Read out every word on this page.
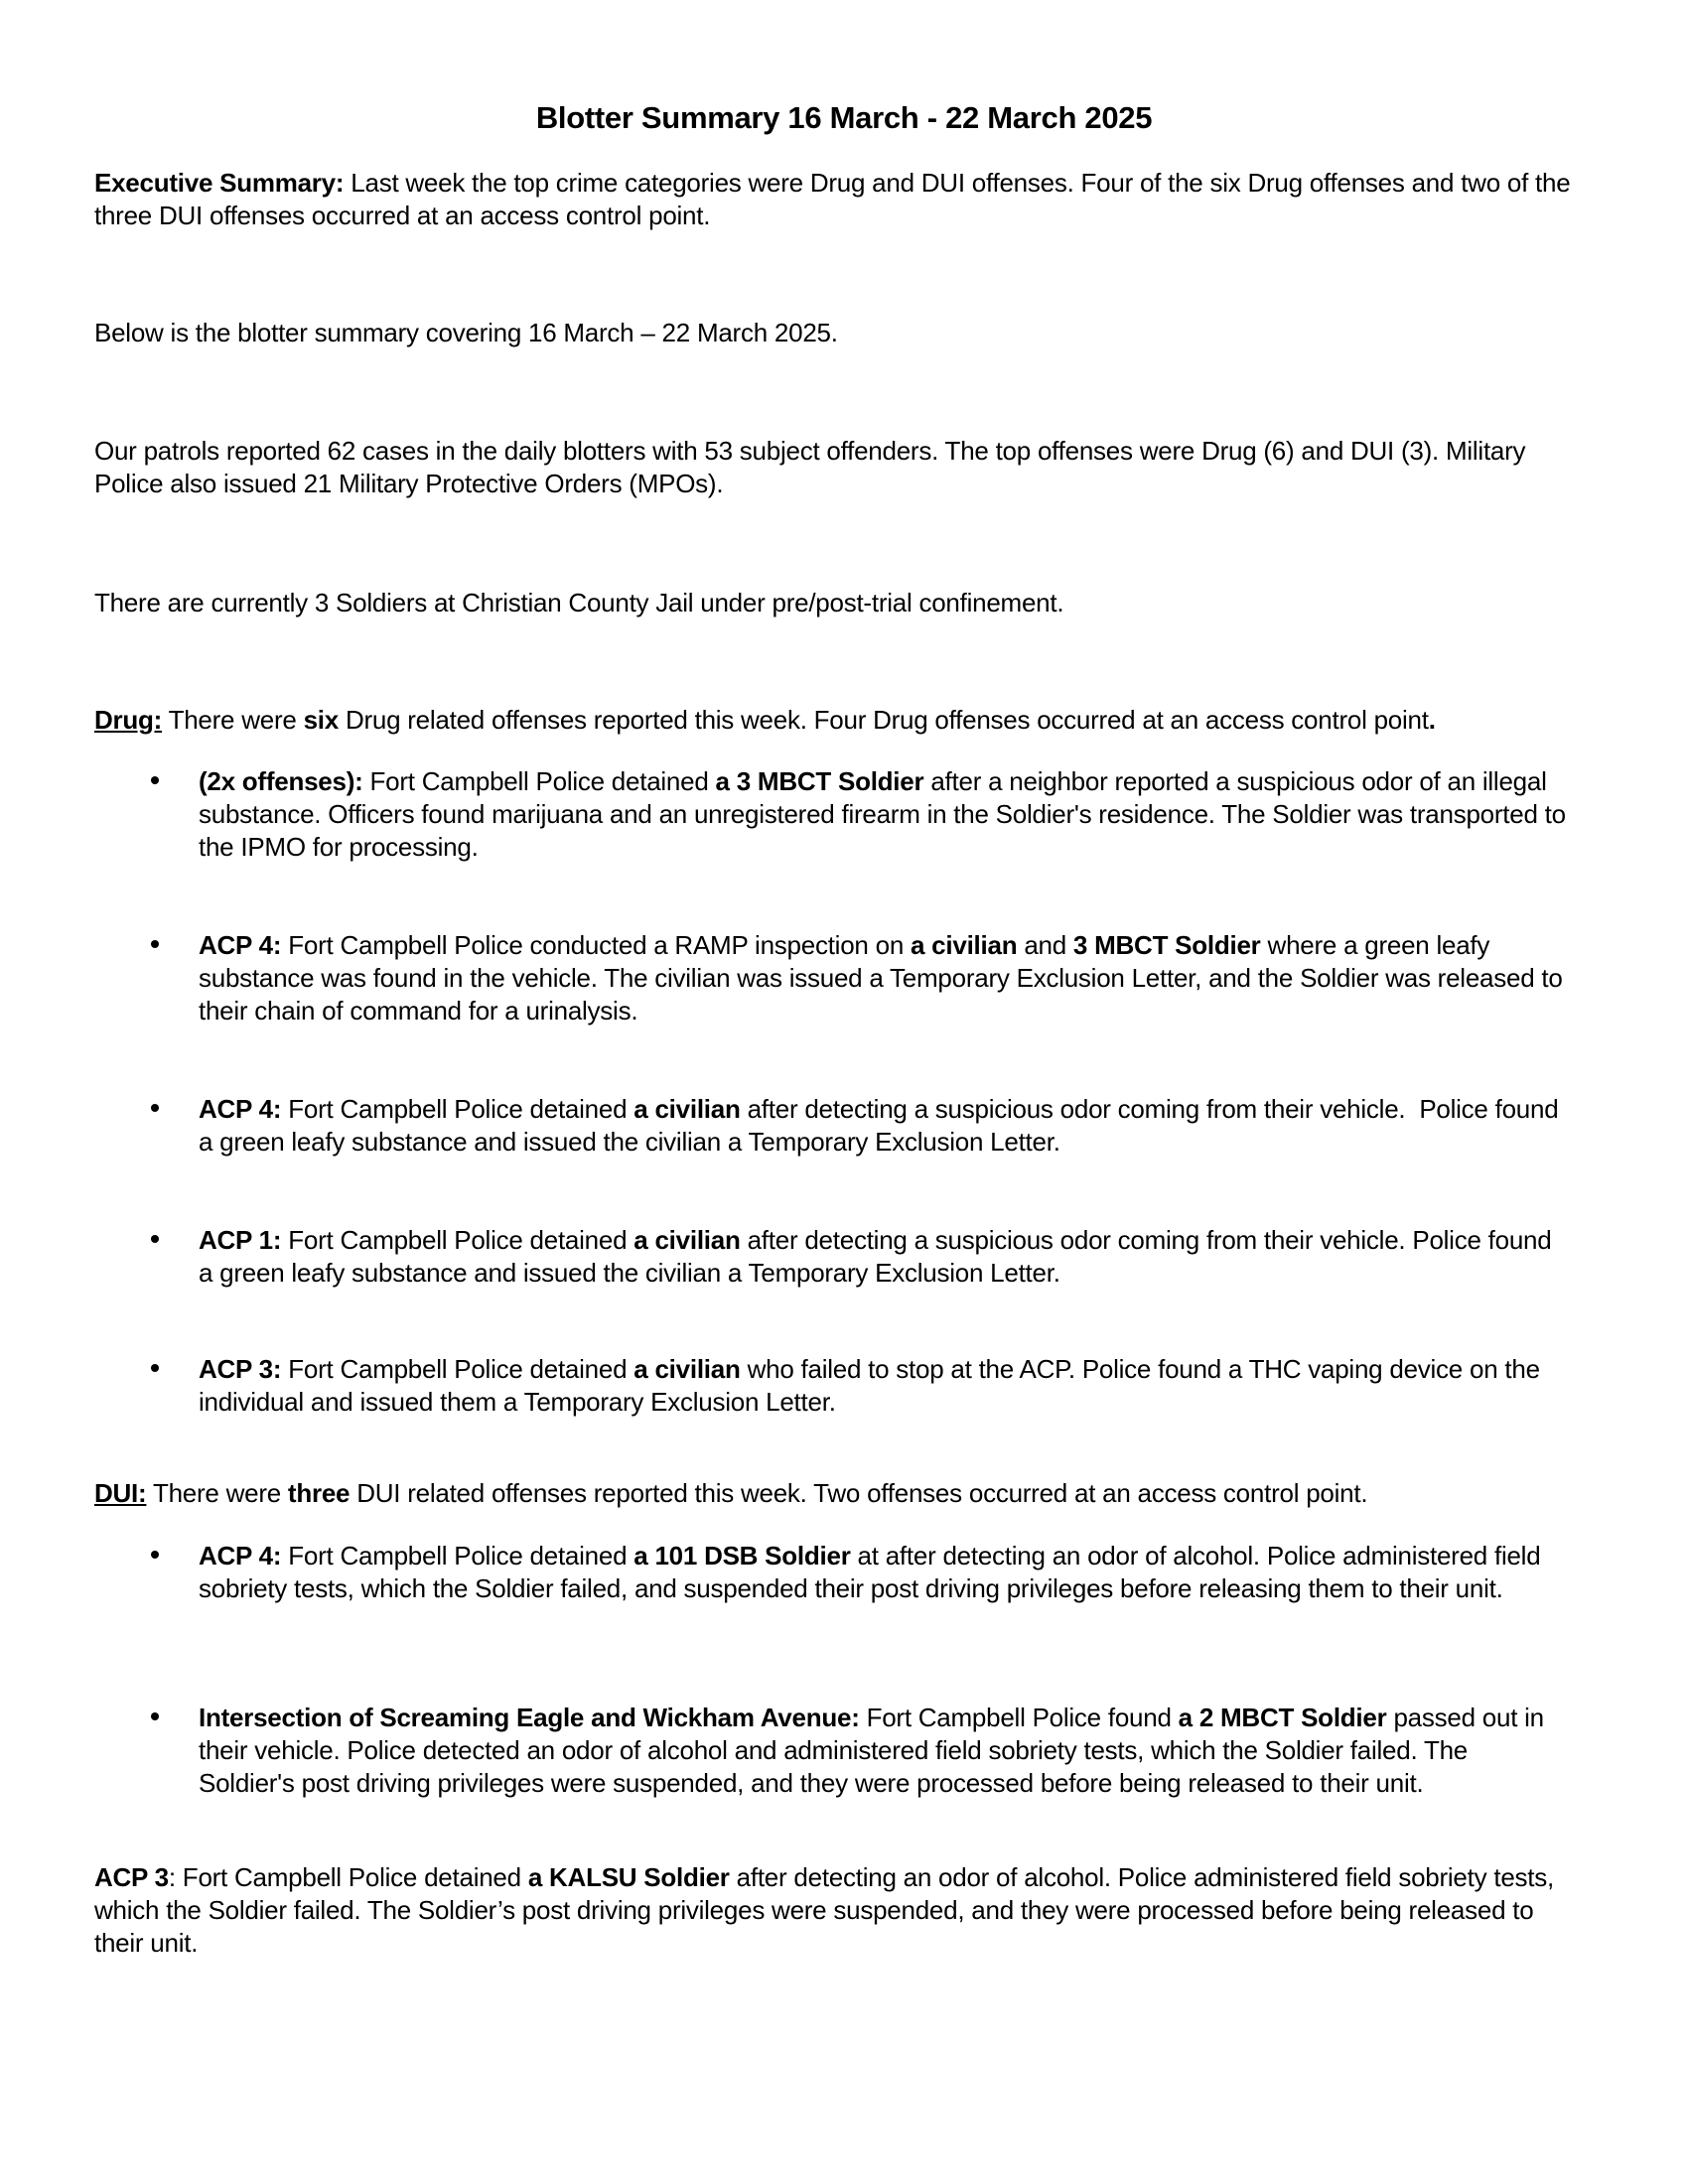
Blotter Summary 16 March - 22 March 2025
Executive Summary: Last week the top crime categories were Drug and DUI offenses. Four of the six Drug offenses and two of the three DUI offenses occurred at an access control point.
Below is the blotter summary covering 16 March – 22 March 2025.
Our patrols reported 62 cases in the daily blotters with 53 subject offenders. The top offenses were Drug (6) and DUI (3). Military Police also issued 21 Military Protective Orders (MPOs).
There are currently 3 Soldiers at Christian County Jail under pre/post-trial confinement.
Drug: There were six Drug related offenses reported this week. Four Drug offenses occurred at an access control point.
(2x offenses): Fort Campbell Police detained a 3 MBCT Soldier after a neighbor reported a suspicious odor of an illegal substance. Officers found marijuana and an unregistered firearm in the Soldier's residence. The Soldier was transported to the IPMO for processing.
ACP 4: Fort Campbell Police conducted a RAMP inspection on a civilian and 3 MBCT Soldier where a green leafy substance was found in the vehicle. The civilian was issued a Temporary Exclusion Letter, and the Soldier was released to their chain of command for a urinalysis.
ACP 4: Fort Campbell Police detained a civilian after detecting a suspicious odor coming from their vehicle.  Police found a green leafy substance and issued the civilian a Temporary Exclusion Letter.
ACP 1: Fort Campbell Police detained a civilian after detecting a suspicious odor coming from their vehicle. Police found a green leafy substance and issued the civilian a Temporary Exclusion Letter.
ACP 3: Fort Campbell Police detained a civilian who failed to stop at the ACP. Police found a THC vaping device on the individual and issued them a Temporary Exclusion Letter.
DUI: There were three DUI related offenses reported this week. Two offenses occurred at an access control point.
ACP 4: Fort Campbell Police detained a 101 DSB Soldier at after detecting an odor of alcohol. Police administered field sobriety tests, which the Soldier failed, and suspended their post driving privileges before releasing them to their unit.
Intersection of Screaming Eagle and Wickham Avenue: Fort Campbell Police found a 2 MBCT Soldier passed out in their vehicle. Police detected an odor of alcohol and administered field sobriety tests, which the Soldier failed. The Soldier's post driving privileges were suspended, and they were processed before being released to their unit.
ACP 3: Fort Campbell Police detained a KALSU Soldier after detecting an odor of alcohol. Police administered field sobriety tests, which the Soldier failed. The Soldier’s post driving privileges were suspended, and they were processed before being released to their unit.
